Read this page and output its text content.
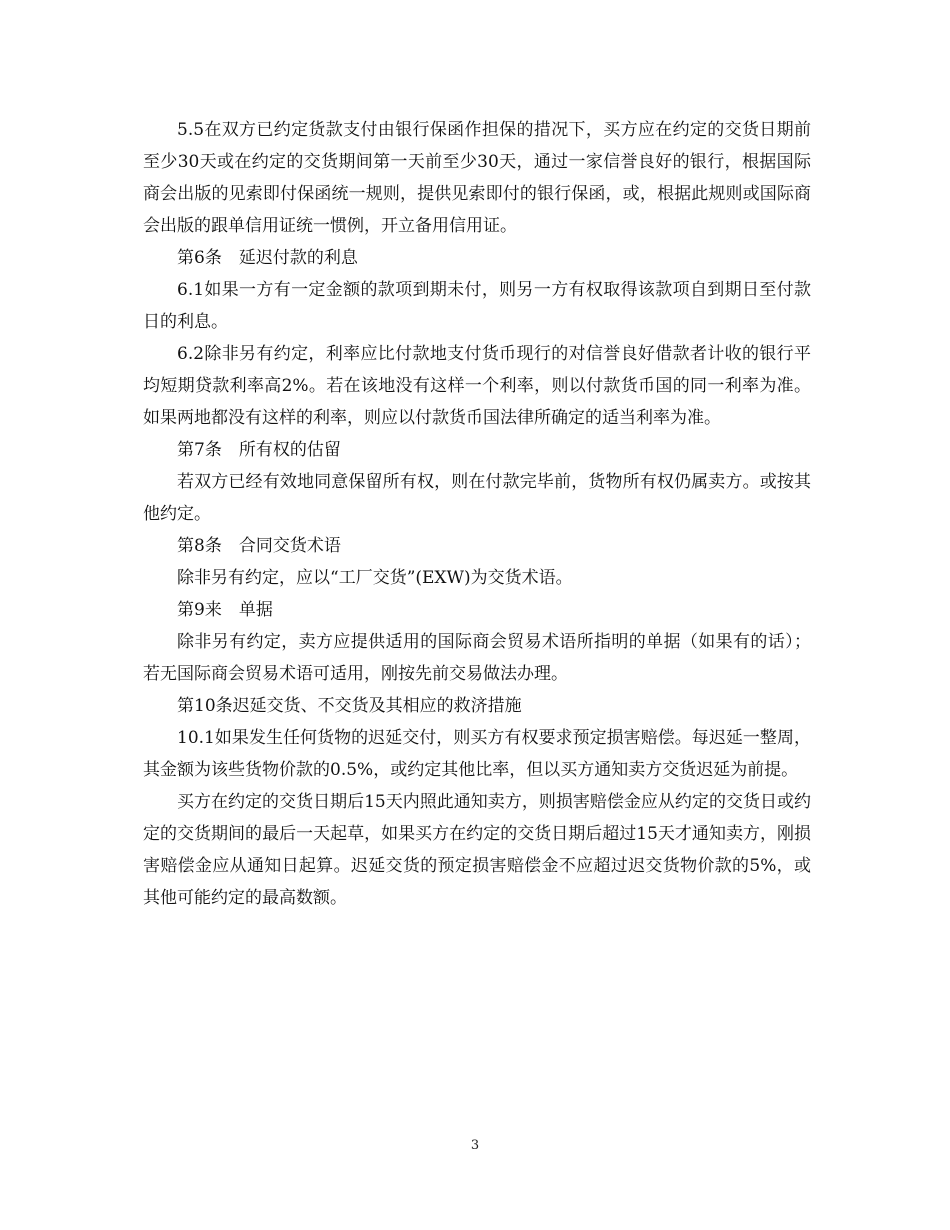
5.5在双方已约定货款支付由银行保函作担保的措况下，买方应在约定的交货日期前至少30天或在约定的交货期间第一天前至少30天，通过一家信誉良好的银行，根据国际商会出版的见索即付保函统一规则，提供见索即付的银行保函，或，根据此规则或国际商会出版的跟单信用证统一惯例，开立备用信用证。

第6条　延迟付款的利息

6.1如果一方有一定金额的款项到期未付，则另一方有权取得该款项自到期日至付款日的利息。

6.2除非另有约定，利率应比付款地支付货币现行的对信誉良好借款者计收的银行平均短期贷款利率高2%。若在该地没有这样一个利率，则以付款货币国的同一利率为准。如果两地都没有这样的利率，则应以付款货币国法律所确定的适当利率为准。

第7条　所有权的估留

若双方已经有效地同意保留所有权，则在付款完毕前，货物所有权仍属卖方。或按其他约定。

第8条　合同交货术语

除非另有约定，应以“工厂交货”(EXW)为交货术语。

第9来　单据

除非另有约定，卖方应提供适用的国际商会贸易术语所指明的单据（如果有的话）；若无国际商会贸易术语可适用，刚按先前交易做法办理。

第10条迟延交货、不交货及其相应的救济措施

10.1如果发生任何货物的迟延交付，则买方有权要求预定损害赔偿。每迟延一整周，其金额为该些货物价款的0.5%，或约定其他比率，但以买方通知卖方交货迟延为前提。

买方在约定的交货日期后15天内照此通知卖方，则损害赔偿金应从约定的交货日或约定的交货期间的最后一天起草，如果买方在约定的交货日期后超过15天才通知卖方，刚损害赔偿金应从通知日起算。迟延交货的预定损害赔偿金不应超过迟交货物价款的5%，或其他可能约定的最高数额。

3
